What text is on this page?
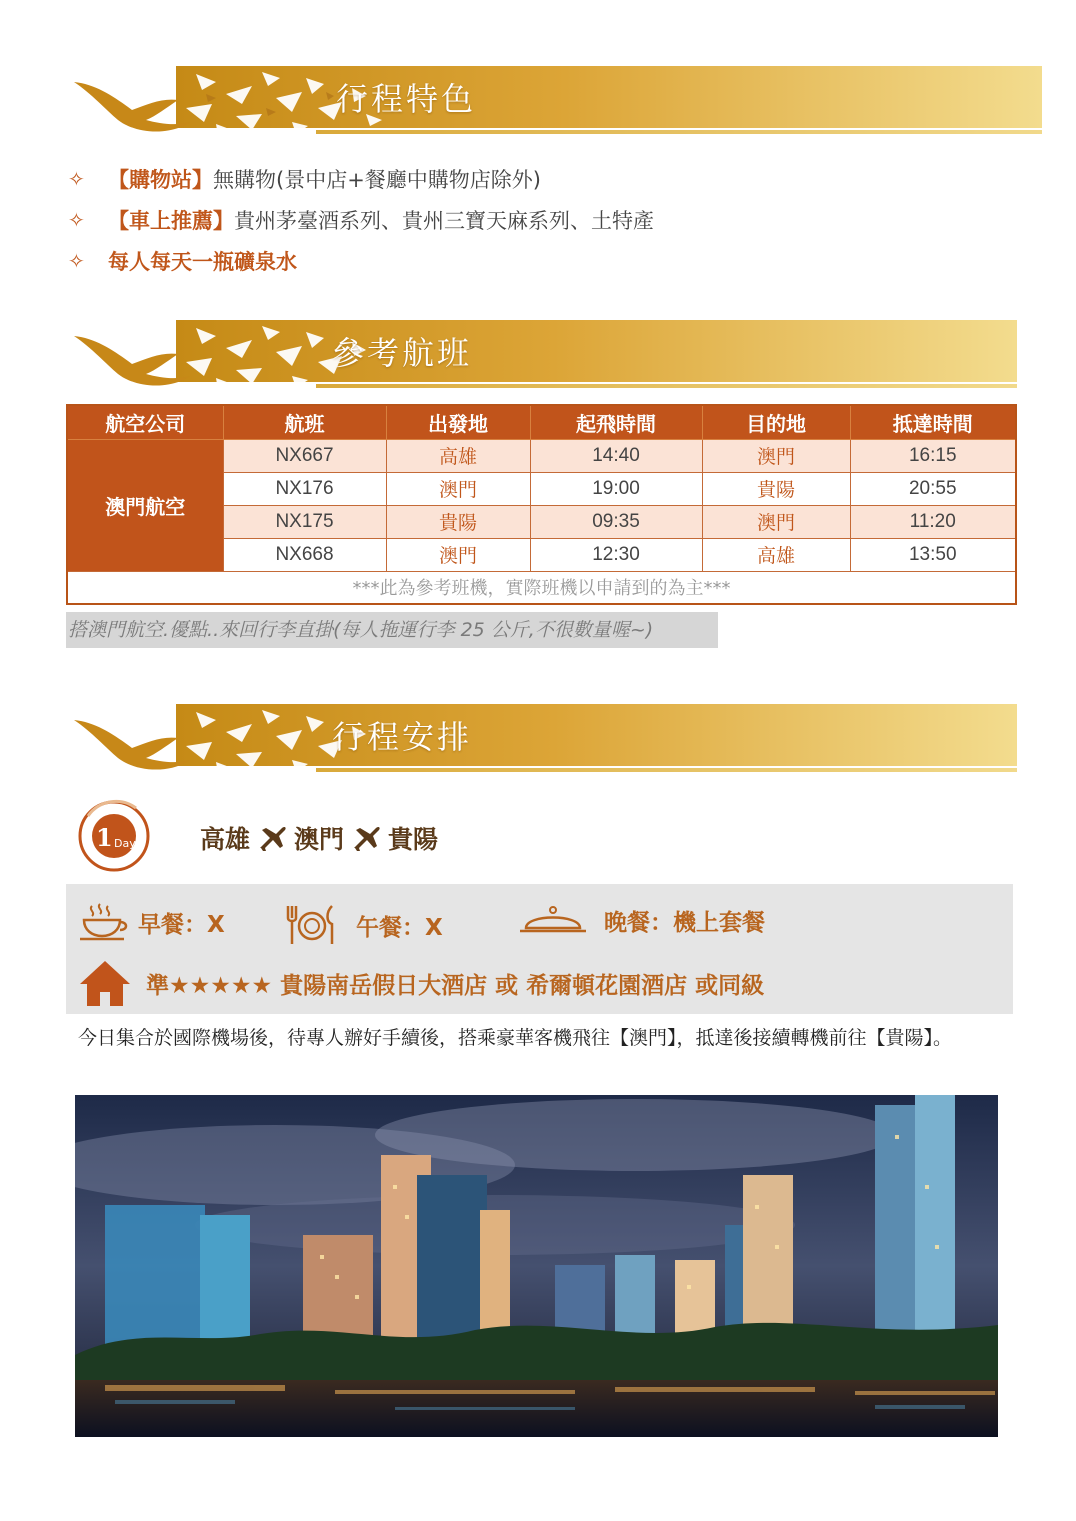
行程特色
✧	【購物站】 無購物(景中店+餐廳中購物店除外)
✧	【車上推薦】 貴州茅臺酒系列、貴州三寶天麻系列、土特產
✧	每人每天一瓶礦泉水
參考航班
航空公司	航班	出發地	起飛時間	目的地	抵達時間
澳門航空	NX667	高雄	14:40	澳門	16:15
	NX176	澳門	19:00	貴陽	20:55
	NX175	貴陽	09:35	澳門	11:20
	NX668	澳門	12:30	高雄	13:50
***此為參考班機，實際班機以申請到的為主***					
搭澳門航空.優點..來回行李直掛(每人拖運行李 25 公斤,不很數量喔~)
行程安排
1 Day	高雄 澳門 貴陽
早餐：X	午餐：X	晚餐：機上套餐
準★★★★★ 貴陽南岳假日大酒店 或 希爾頓花園酒店 或同級

今日集合於國際機場後，待專人辦好手續後，搭乘豪華客機飛往【澳門】，抵達後接續轉機前往【貴陽】。
